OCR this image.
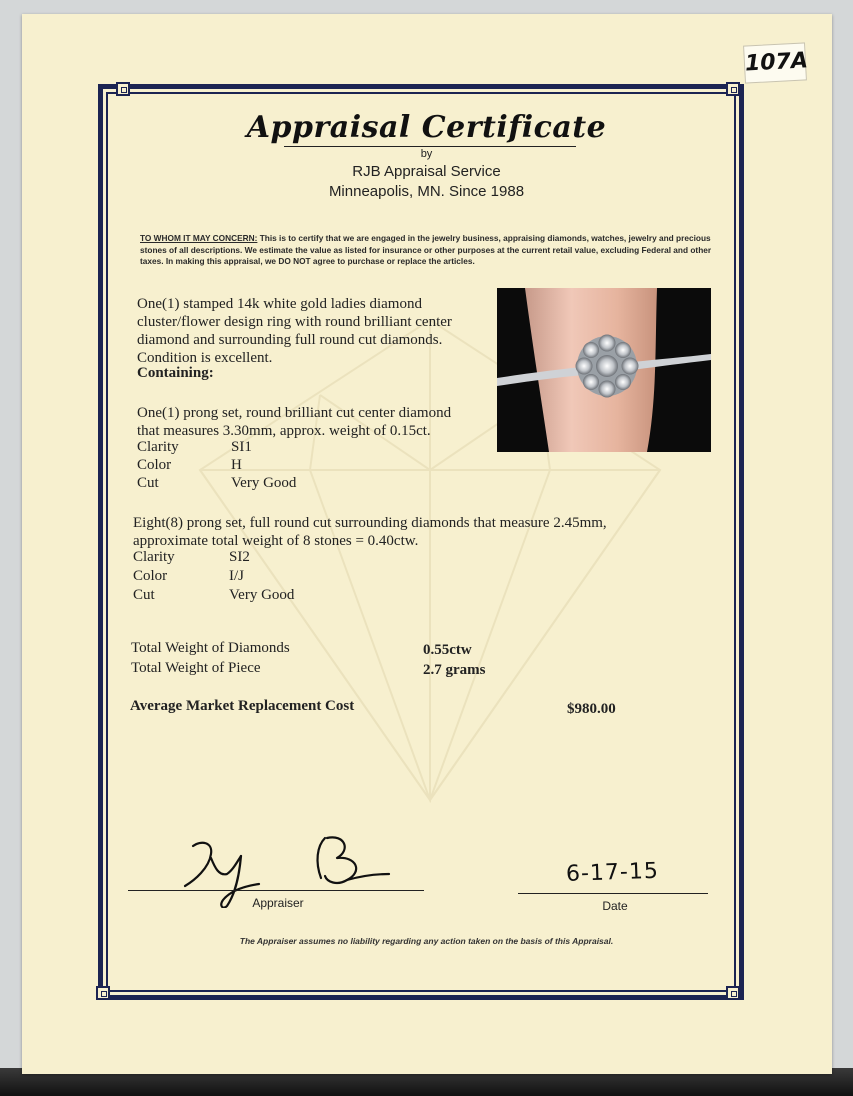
107A
Appraisal Certificate
by
RJB Appraisal Service
Minneapolis, MN. Since 1988
TO WHOM IT MAY CONCERN: This is to certify that we are engaged in the jewelry business, appraising diamonds, watches, jewelry and precious stones of all descriptions. We estimate the value as listed for insurance or other purposes at the current retail value, excluding Federal and other taxes. In making this appraisal, we DO NOT agree to purchase or replace the articles.
One(1) stamped 14k white gold ladies diamond
cluster/flower design ring with round brilliant center
diamond and surrounding full round cut diamonds.
Condition is excellent.
Containing:
One(1) prong set, round brilliant cut center diamond
that measures 3.30mm, approx. weight of 0.15ct.
Clarity	SI1
Color	H
Cut	Very Good
Eight(8) prong set, full round cut surrounding diamonds that measure 2.45mm,
approximate total weight of 8 stones = 0.40ctw.
Clarity	SI2
Color	I/J
Cut	Very Good
Total Weight of Diamonds	0.55ctw
Total Weight of Piece	2.7 grams
Average Market Replacement Cost	$980.00
Appraiser
6-17-15
Date
The Appraiser assumes no liability regarding any action taken on the basis of this Appraisal.
